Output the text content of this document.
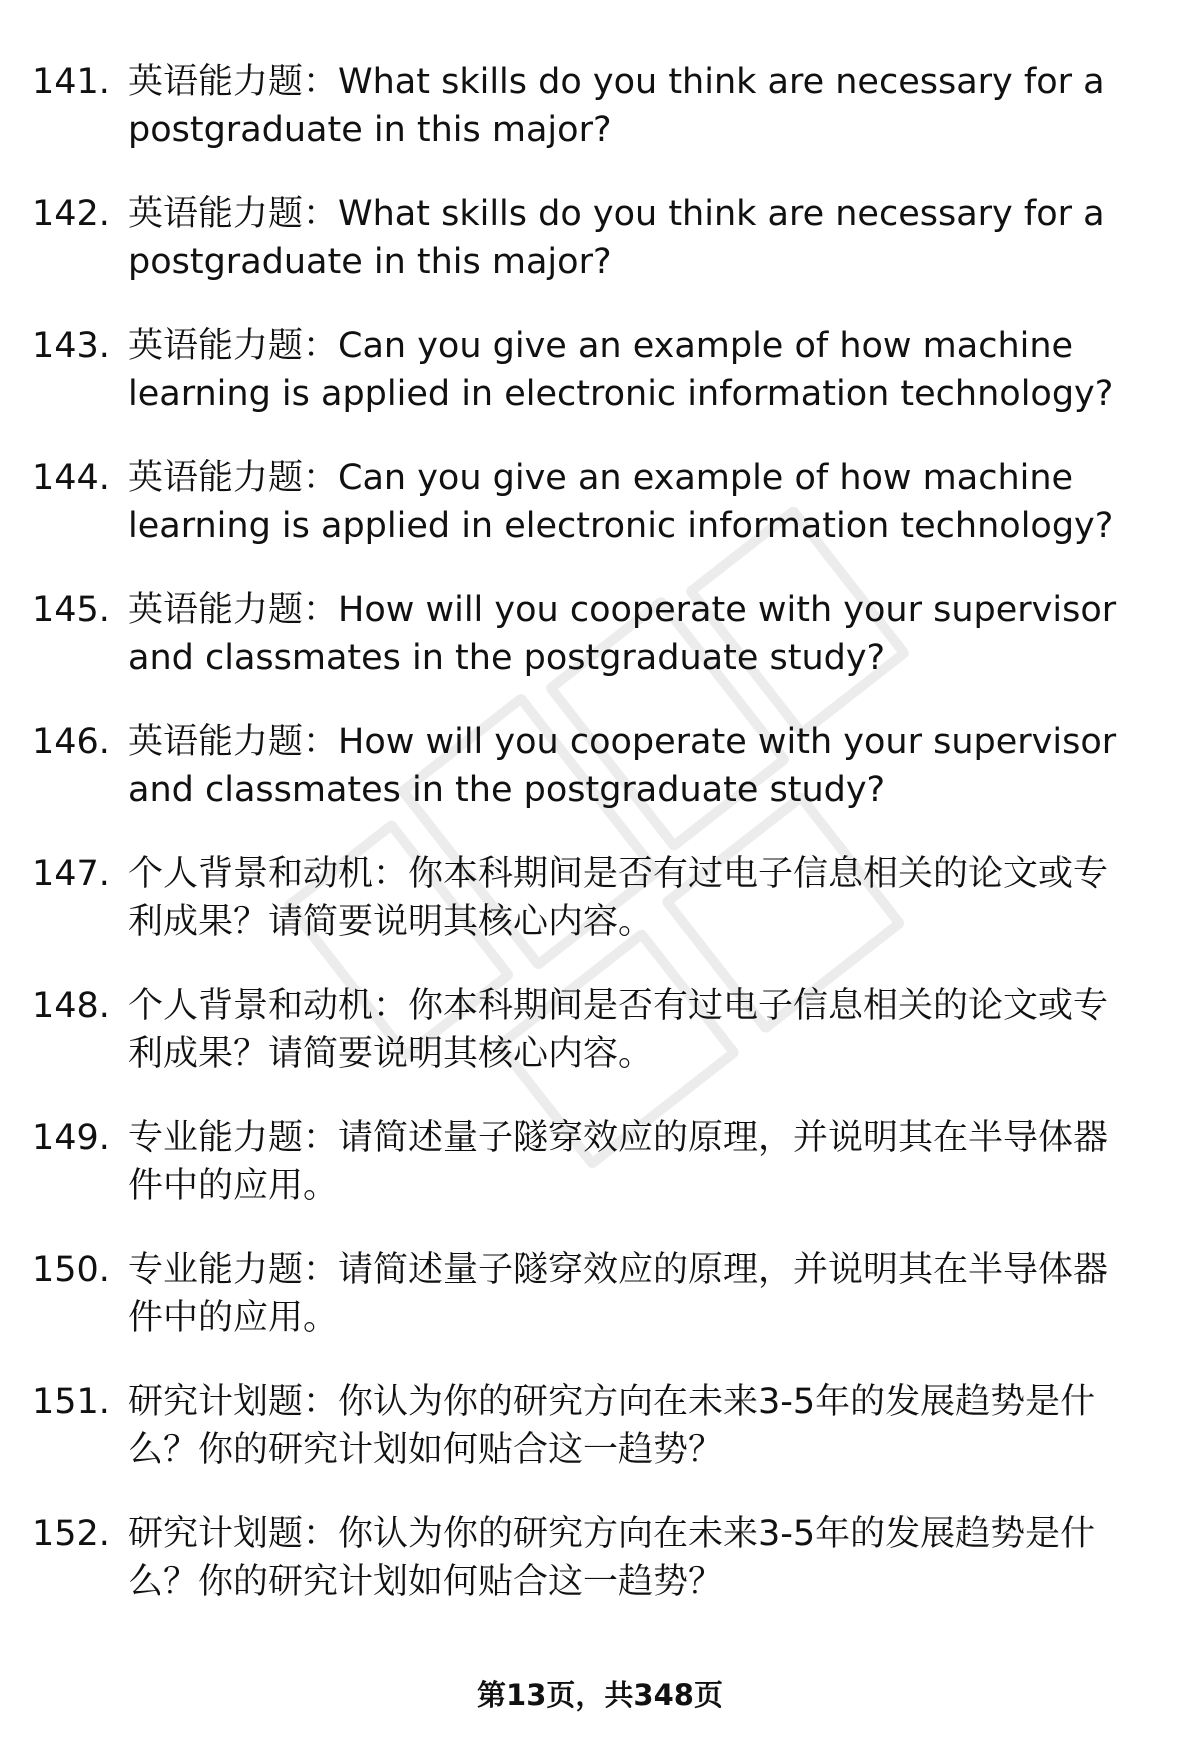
141. 英语能力题：What skills do you think are necessary for a postgraduate in this major?
142. 英语能力题：What skills do you think are necessary for a postgraduate in this major?
143. 英语能力题：Can you give an example of how machine learning is applied in electronic information technology?
144. 英语能力题：Can you give an example of how machine learning is applied in electronic information technology?
145. 英语能力题：How will you cooperate with your supervisor and classmates in the postgraduate study?
146. 英语能力题：How will you cooperate with your supervisor and classmates in the postgraduate study?
147. 个人背景和动机：你本科期间是否有过电子信息相关的论文或专利成果？请简要说明其核心内容。
148. 个人背景和动机：你本科期间是否有过电子信息相关的论文或专利成果？请简要说明其核心内容。
149. 专业能力题：请简述量子隧穿效应的原理，并说明其在半导体器件中的应用。
150. 专业能力题：请简述量子隧穿效应的原理，并说明其在半导体器件中的应用。
151. 研究计划题：你认为你的研究方向在未来3-5年的发展趋势是什么？你的研究计划如何贴合这一趋势？
152. 研究计划题：你认为你的研究方向在未来3-5年的发展趋势是什么？你的研究计划如何贴合这一趋势？
第13页，共348页
